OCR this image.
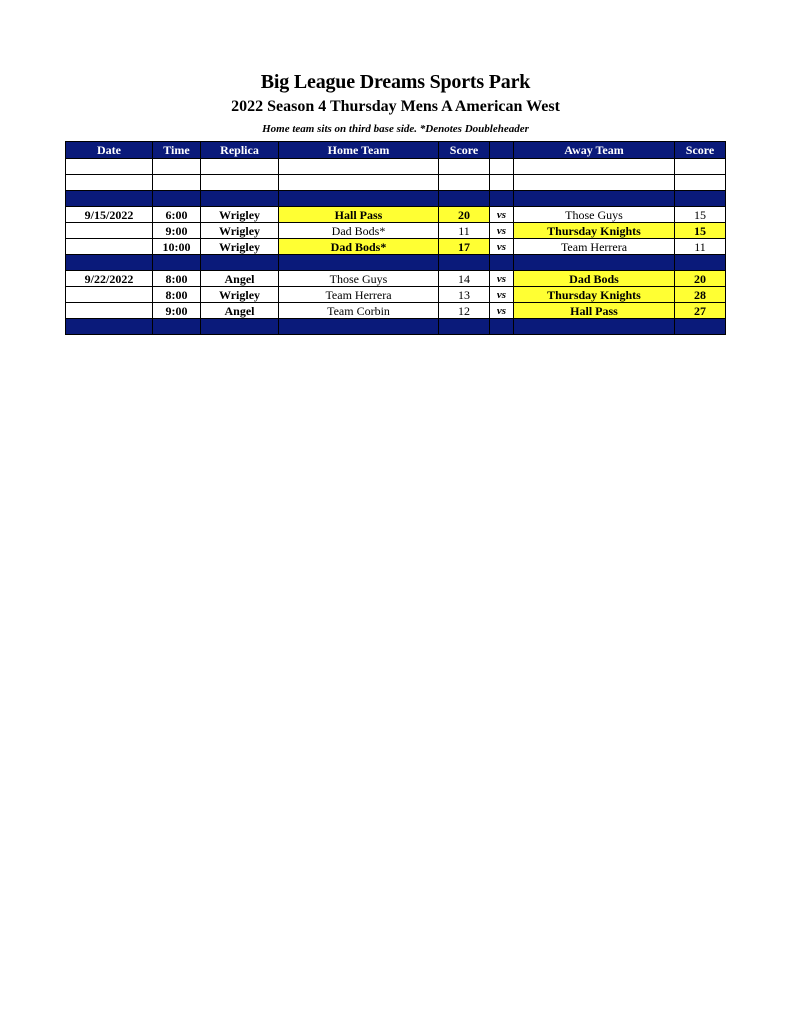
Big League Dreams Sports Park
2022 Season 4 Thursday Mens A American West
Home team sits on third base side. *Denotes Doubleheader
Date	Time	Replica	Home Team	Score		Away Team	Score

9/15/2022	6:00	Wrigley	Hall Pass	20	vs	Those Guys	15
	9:00	Wrigley	Dad Bods*	11	vs	Thursday Knights	15
	10:00	Wrigley	Dad Bods*	17	vs	Team Herrera	11

9/22/2022	8:00	Angel	Those Guys	14	vs	Dad Bods	20
	8:00	Wrigley	Team Herrera	13	vs	Thursday Knights	28
	9:00	Angel	Team Corbin	12	vs	Hall Pass	27
